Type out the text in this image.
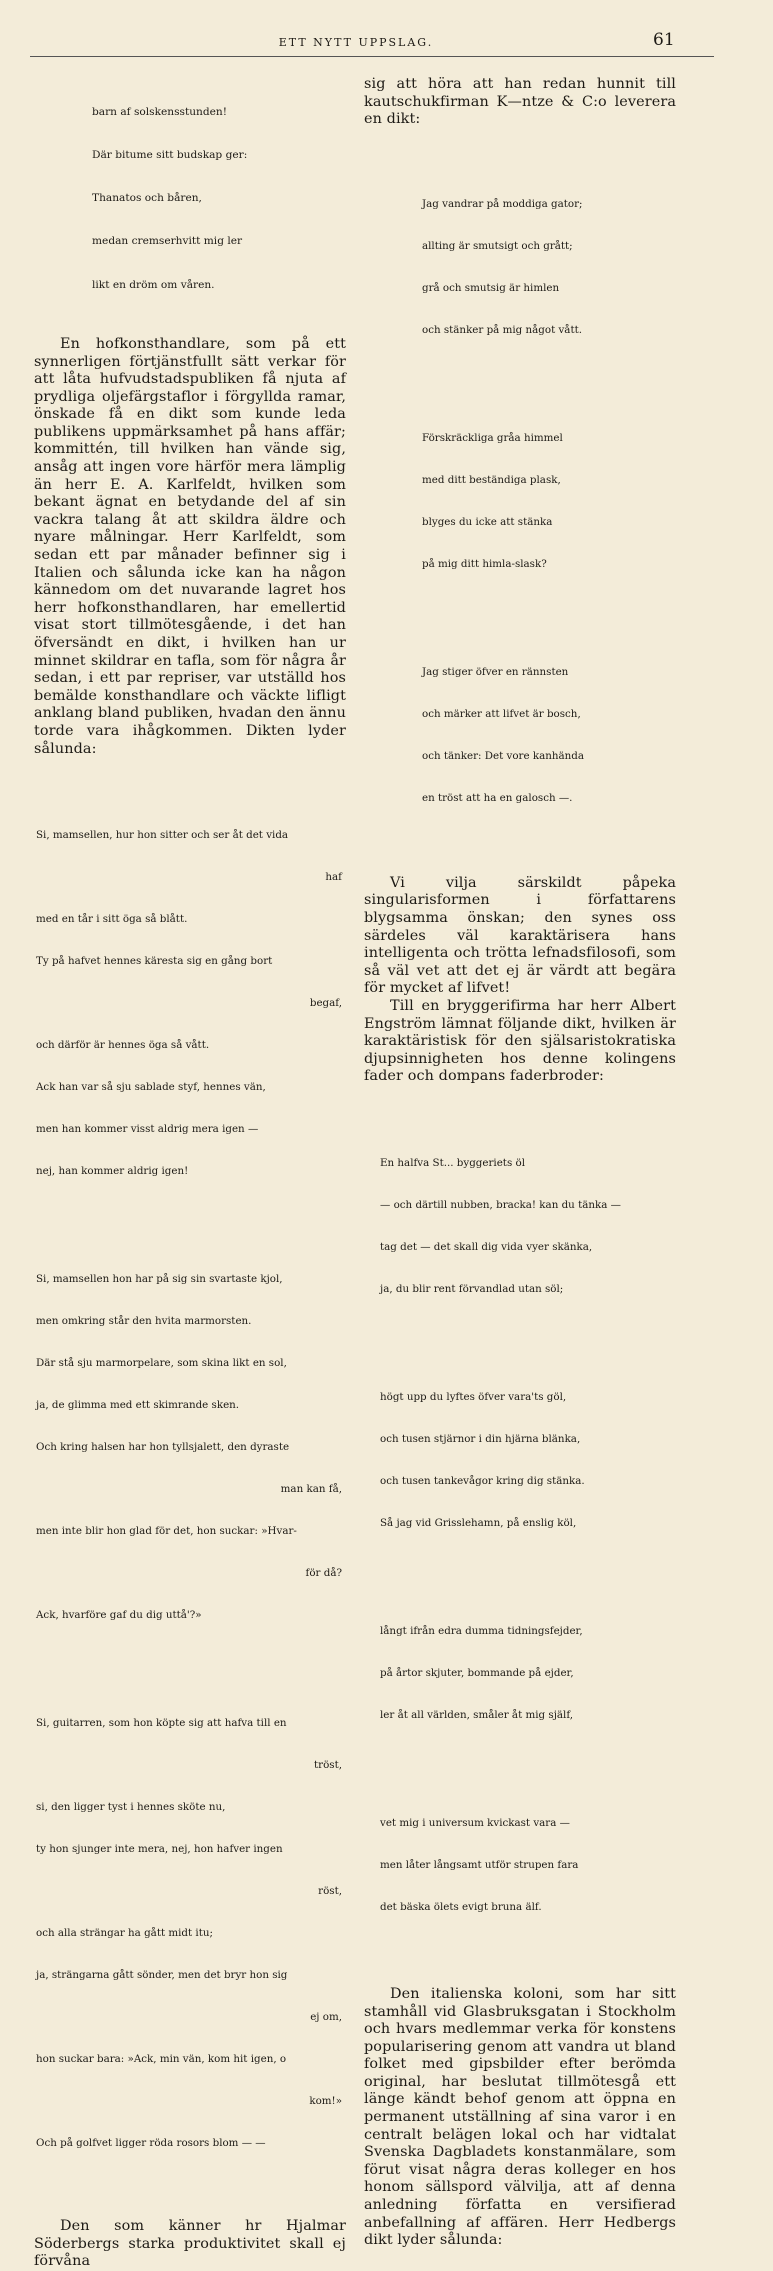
ETT NYTT UPPSLAG.	61

barn af solskensstunden!

Där bitume sitt budskap ger:

Thanatos och båren,

medan cremserhvitt mig ler

likt en dröm om våren.

En hofkonsthandlare, som på ett synnerligen förtjänstfullt sätt verkar för att låta hufvudstadspubliken få njuta af prydliga oljefärgstaflor i förgyllda ramar, önskade få en dikt som kunde leda publikens uppmärksamhet på hans affär; kommittén, till hvilken han vände sig, ansåg att ingen vore härför mera lämplig än herr E. A. Karlfeldt, hvilken som bekant ägnat en betydande del af sin vackra talang åt att skildra äldre och nyare målningar. Herr Karlfeldt, som sedan ett par månader befinner sig i Italien och sålunda icke kan ha någon kännedom om det nuvarande lagret hos herr hofkonsthandlaren, har emellertid visat stort tillmötesgående, i det han öfversändt en dikt, i hvilken han ur minnet skildrar en tafla, som för några år sedan, i ett par repriser, var utställd hos bemälde konsthandlare och väckte lifligt anklang bland publiken, hvadan den ännu torde vara ihågkommen. Dikten lyder sålunda:

Si, mamsellen, hur hon sitter och ser åt det vida

haf

med en tår i sitt öga så blått.

Ty på hafvet hennes käresta sig en gång bort

begaf,

och därför är hennes öga så vått.

Ack han var så sju sablade styf, hennes vän,

men han kommer visst aldrig mera igen —

nej, han kommer aldrig igen!

Si, mamsellen hon har på sig sin svartaste kjol,

men omkring står den hvita marmorsten.

Där stå sju marmorpelare, som skina likt en sol,

ja, de glimma med ett skimrande sken.

Och kring halsen har hon tyllsjalett, den dyraste

man kan få,

men inte blir hon glad för det, hon suckar: »Hvar-

för då?

Ack, hvarföre gaf du dig uttå'?»

Si, guitarren, som hon köpte sig att hafva till en

tröst,

si, den ligger tyst i hennes sköte nu,

ty hon sjunger inte mera, nej, hon hafver ingen

röst,

och alla strängar ha gått midt itu;

ja, strängarna gått sönder, men det bryr hon sig

ej om,

hon suckar bara: »Ack, min vän, kom hit igen, o

kom!»

Och på golfvet ligger röda rosors blom — —

Den som känner hr Hjalmar Söderbergs starka produktivitet skall ej förvåna

sig att höra att han redan hunnit till kautschukfirman K—ntze & C:o leverera en dikt:

Jag vandrar på moddiga gator;

allting är smutsigt och grått;

grå och smutsig är himlen

och stänker på mig något vått.

Förskräckliga gråa himmel

med ditt beständiga plask,

blyges du icke att stänka

på mig ditt himla-slask?

Jag stiger öfver en rännsten

och märker att lifvet är bosch,

och tänker: Det vore kanhända

en tröst att ha en galosch —.

Vi vilja särskildt påpeka singularisformen i författarens blygsamma önskan; den synes oss särdeles väl karaktärisera hans intelligenta och trötta lefnadsfilosofi, som så väl vet att det ej är värdt att begära för mycket af lifvet!

Till en bryggerifirma har herr Albert Engström lämnat följande dikt, hvilken är karaktäristisk för den själsaristokratiska djupsinnigheten hos denne kolingens fader och dompans faderbroder:

En halfva St... byggeriets öl

— och därtill nubben, bracka! kan du tänka —

tag det — det skall dig vida vyer skänka,

ja, du blir rent förvandlad utan söl;

högt upp du lyftes öfver vara'ts göl,

och tusen stjärnor i din hjärna blänka,

och tusen tankevågor kring dig stänka.

Så jag vid Grisslehamn, på enslig köl,

långt ifrån edra dumma tidningsfejder,

på årtor skjuter, bommande på ejder,

ler åt all världen, småler åt mig själf,

vet mig i universum kvickast vara —

men låter långsamt utför strupen fara

det bäska ölets evigt bruna älf.

Den italienska koloni, som har sitt stamhåll vid Glasbruksgatan i Stockholm och hvars medlemmar verka för konstens popularisering genom att vandra ut bland folket med gipsbilder efter berömda original, har beslutat tillmötesgå ett länge kändt behof genom att öppna en permanent utställning af sina varor i en centralt belägen lokal och har vidtalat Svenska Dagbladets konstanmälare, som förut visat några deras kolleger en hos honom sällspord välvilja, att af denna anledning författa en versifierad anbefallning af affären. Herr Hedbergs dikt lyder sålunda:
